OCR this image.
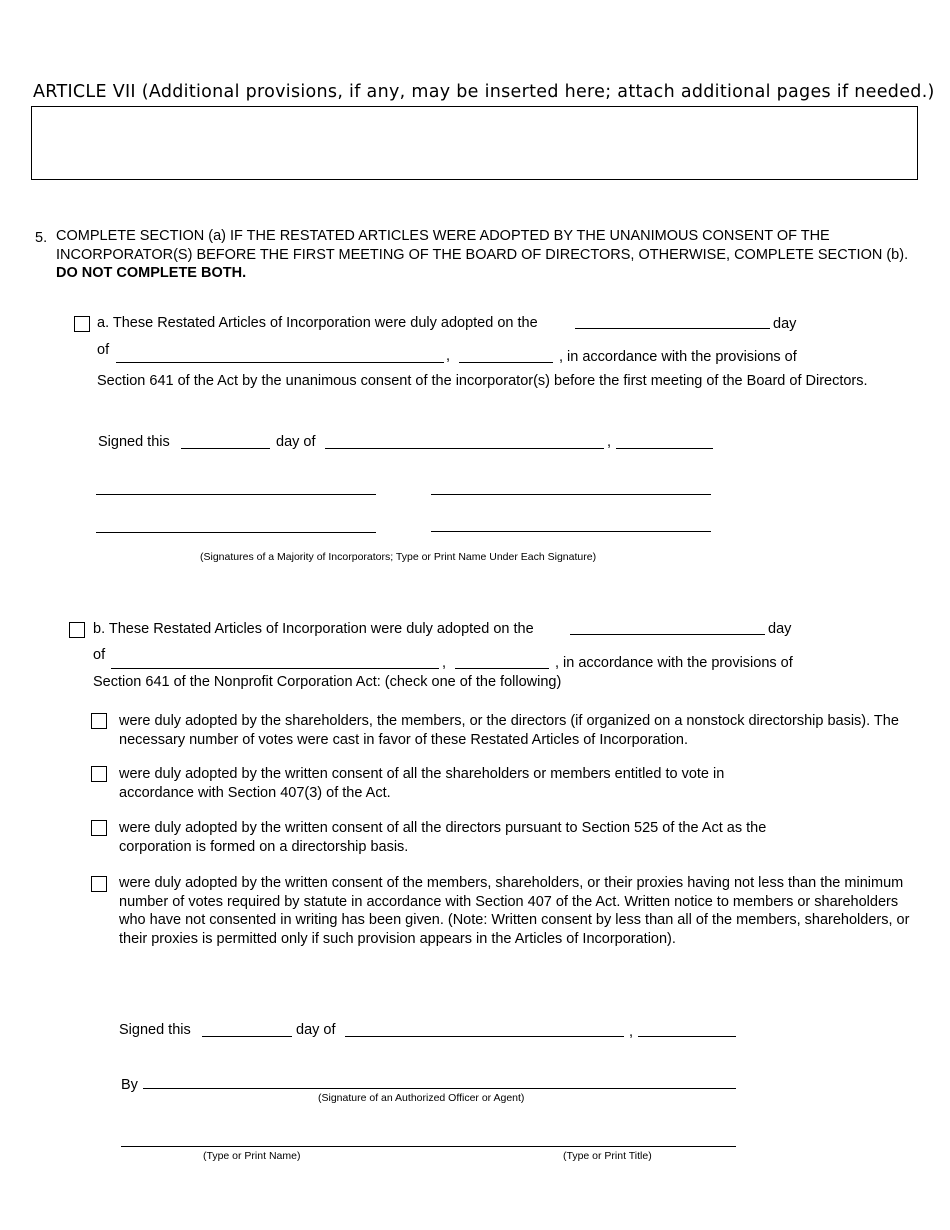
ARTICLE VII (Additional provisions, if any, may be inserted here; attach additional pages if needed.)
5. COMPLETE SECTION (a) IF THE RESTATED ARTICLES WERE ADOPTED BY THE UNANIMOUS CONSENT OF THE INCORPORATOR(S) BEFORE THE FIRST MEETING OF THE BOARD OF DIRECTORS, OTHERWISE, COMPLETE SECTION (b). DO NOT COMPLETE BOTH.
a. These Restated Articles of Incorporation were duly adopted on the	day
of	,	, in accordance with the provisions of
Section 641 of the Act by the unanimous consent of the incorporator(s) before the first meeting of the Board of Directors.
Signed this	day of	,
(Signatures of a Majority of Incorporators; Type or Print Name Under Each Signature)
b. These Restated Articles of Incorporation were duly adopted on the	day
of	,	, in accordance with the provisions of
Section 641 of the Nonprofit Corporation Act: (check one of the following)
were duly adopted by the shareholders, the members, or the directors (if organized on a nonstock directorship basis). The necessary number of votes were cast in favor of these Restated Articles of Incorporation.
were duly adopted by the written consent of all the shareholders or members entitled to vote in accordance with Section 407(3) of the Act.
were duly adopted by the written consent of all the directors pursuant to Section 525 of the Act as the corporation is formed on a directorship basis.
were duly adopted by the written consent of the members, shareholders, or their proxies having not less than the minimum number of votes required by statute in accordance with Section 407 of the Act. Written notice to members or shareholders who have not consented in writing has been given. (Note: Written consent by less than all of the members, shareholders, or their proxies is permitted only if such provision appears in the Articles of Incorporation).
Signed this	day of	,
By
(Signature of an Authorized Officer or Agent)
(Type or Print Name)	(Type or Print Title)
